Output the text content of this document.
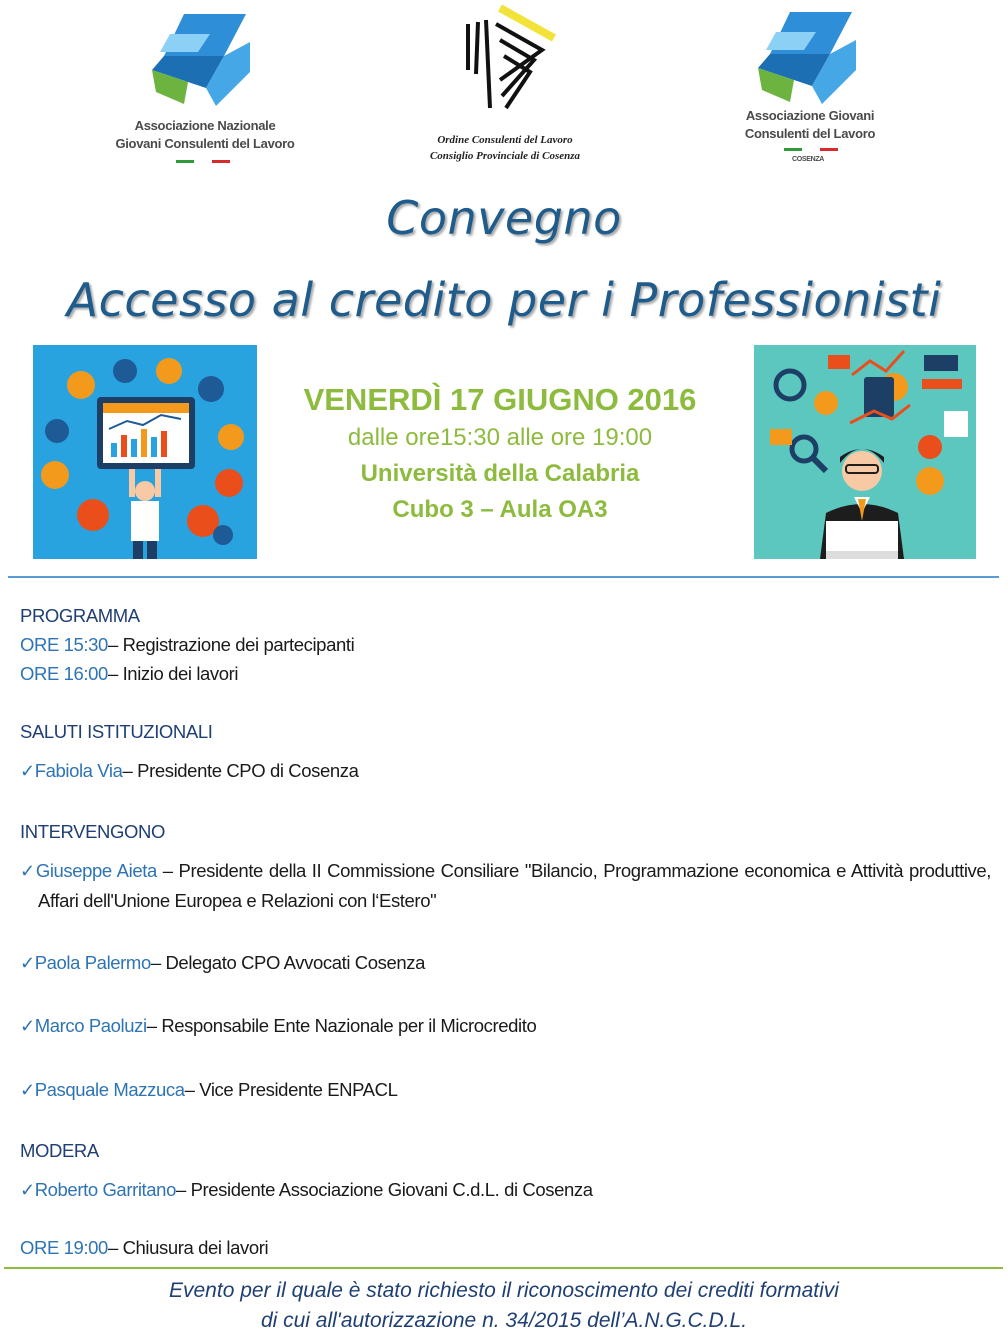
Associazione Nazionale
Giovani Consulenti del Lavoro	Ordine Consulenti del Lavoro
Consiglio Provinciale di Cosenza
Associazione Giovani
Consulenti del Lavoro
COSENZA
Convegno
Accesso al credito per i Professionisti
VENERDÌ 17 GIUGNO 2016
dalle ore15:30 alle ore 19:00
Università della Calabria
Cubo 3 – Aula OA3
PROGRAMMA
ORE 15:30– Registrazione dei partecipanti
ORE 16:00– Inizio dei lavori
SALUTI ISTITUZIONALI
✓Fabiola Via– Presidente CPO di Cosenza
INTERVENGONO
✓Giuseppe Aieta – Presidente della II Commissione Consiliare "Bilancio, Programmazione economica e Attività produttive, Affari dell'Unione Europea e Relazioni con l‘Estero"
✓Paola Palermo– Delegato CPO Avvocati Cosenza
✓Marco Paoluzi– Responsabile Ente Nazionale per il Microcredito
✓Pasquale Mazzuca– Vice Presidente ENPACL
MODERA
✓Roberto Garritano– Presidente Associazione Giovani C.d.L. di Cosenza
ORE 19:00– Chiusura dei lavori
Evento per il quale è stato richiesto il riconoscimento dei crediti formativi
di cui all'autorizzazione n. 34/2015 dell’A.N.G.C.D.L.
